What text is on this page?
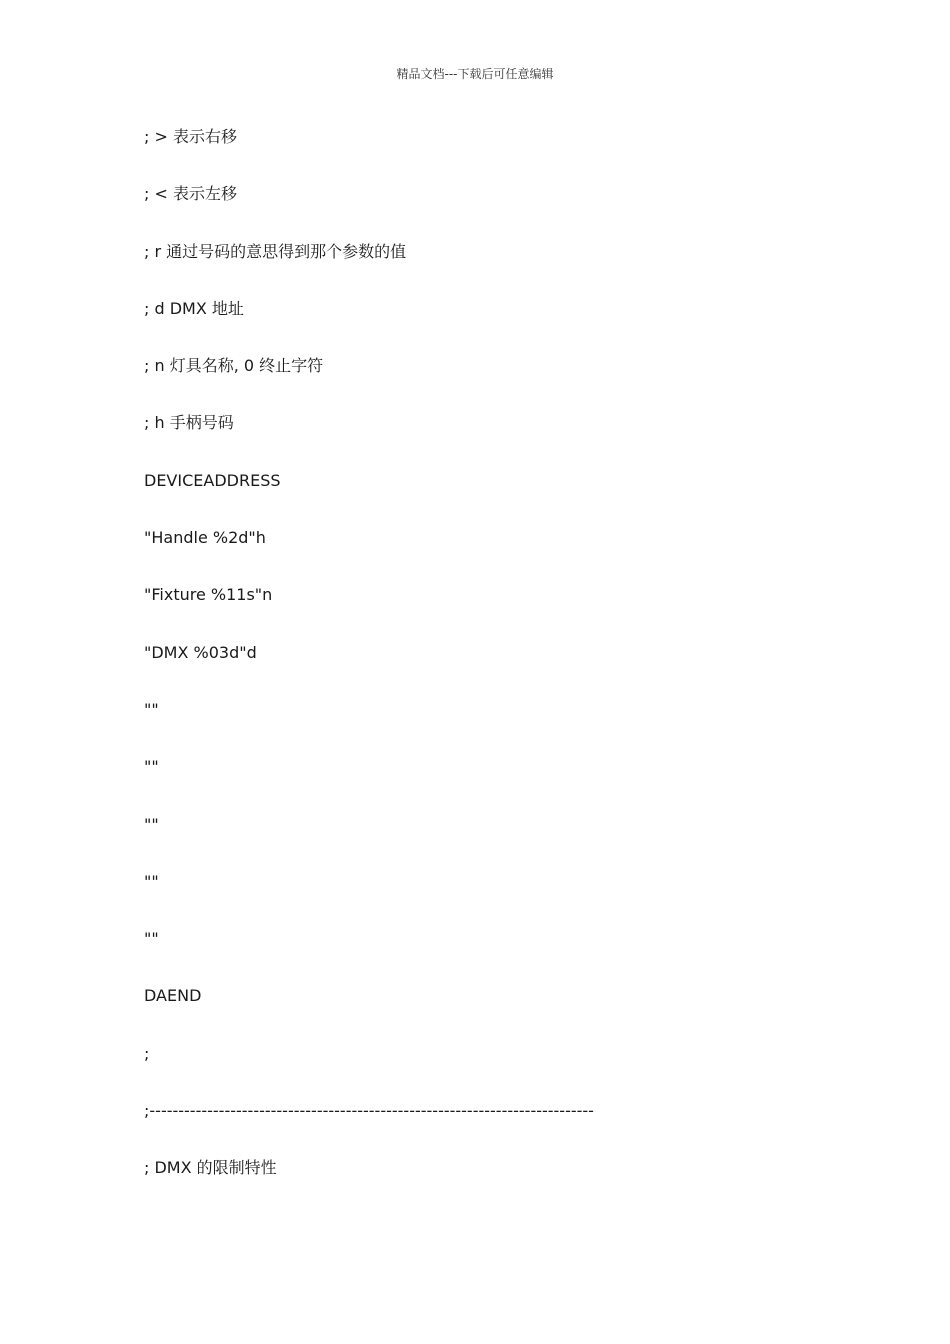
精品文档---下载后可任意编辑
; > 表示右移
; < 表示左移
; r 通过号码的意思得到那个参数的值
; d DMX 地址
; n 灯具名称, 0 终止字符
; h 手柄号码
DEVICEADDRESS
"Handle %2d"h
"Fixture %11s"n
"DMX %03d"d
""
""
""
""
""
DAEND
;
;-----------------------------------------------------------------------------
; DMX 的限制特性
